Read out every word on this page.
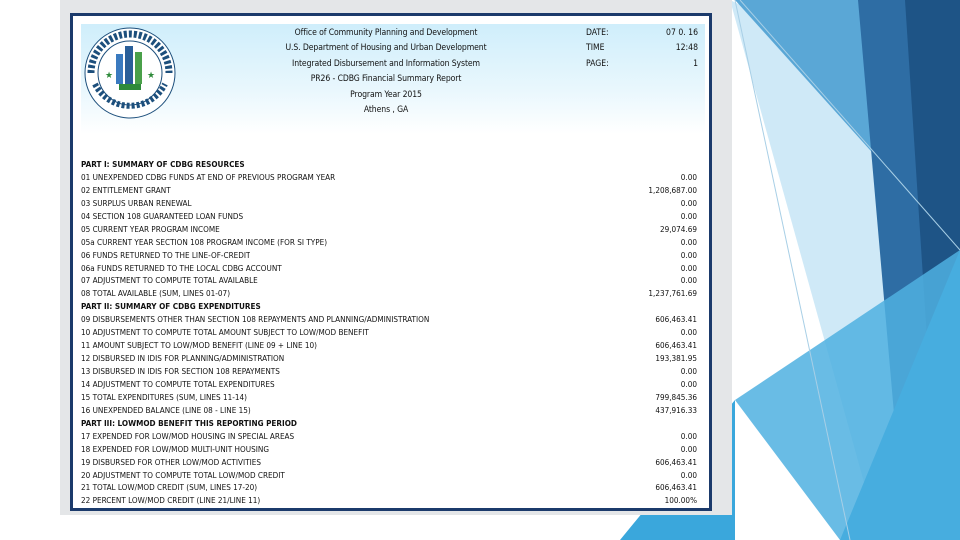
★	★
Office of Community Planning and Development
U.S. Department of Housing and Urban Development
Integrated Disbursement and Information System
PR26 - CDBG Financial Summary Report
Program Year 2015
Athens , GA
DATE:	07 0. 16
TIME	12:48
PAGE:	1
PART I: SUMMARY OF CDBG RESOURCES
01 UNEXPENDED CDBG FUNDS AT END OF PREVIOUS PROGRAM YEAR	0.00
02 ENTITLEMENT GRANT	1,208,687.00
03 SURPLUS URBAN RENEWAL	0.00
04 SECTION 108 GUARANTEED LOAN FUNDS	0.00
05 CURRENT YEAR PROGRAM INCOME	29,074.69
05a CURRENT YEAR SECTION 108 PROGRAM INCOME (FOR SI TYPE)	0.00
06 FUNDS RETURNED TO THE LINE-OF-CREDIT	0.00
06a FUNDS RETURNED TO THE LOCAL CDBG ACCOUNT	0.00
07 ADJUSTMENT TO COMPUTE TOTAL AVAILABLE	0.00
08 TOTAL AVAILABLE (SUM, LINES 01-07)	1,237,761.69
PART II: SUMMARY OF CDBG EXPENDITURES
09 DISBURSEMENTS OTHER THAN SECTION 108 REPAYMENTS AND PLANNING/ADMINISTRATION	606,463.41
10 ADJUSTMENT TO COMPUTE TOTAL AMOUNT SUBJECT TO LOW/MOD BENEFIT	0.00
11 AMOUNT SUBJECT TO LOW/MOD BENEFIT (LINE 09 + LINE 10)	606,463.41
12 DISBURSED IN IDIS FOR PLANNING/ADMINISTRATION	193,381.95
13 DISBURSED IN IDIS FOR SECTION 108 REPAYMENTS	0.00
14 ADJUSTMENT TO COMPUTE TOTAL EXPENDITURES	0.00
15 TOTAL EXPENDITURES (SUM, LINES 11-14)	799,845.36
16 UNEXPENDED BALANCE (LINE 08 - LINE 15)	437,916.33
PART III: LOWMOD BENEFIT THIS REPORTING PERIOD
17 EXPENDED FOR LOW/MOD HOUSING IN SPECIAL AREAS	0.00
18 EXPENDED FOR LOW/MOD MULTI-UNIT HOUSING	0.00
19 DISBURSED FOR OTHER LOW/MOD ACTIVITIES	606,463.41
20 ADJUSTMENT TO COMPUTE TOTAL LOW/MOD CREDIT	0.00
21 TOTAL LOW/MOD CREDIT (SUM, LINES 17-20)	606,463.41
22 PERCENT LOW/MOD CREDIT (LINE 21/LINE 11)	100.00%
